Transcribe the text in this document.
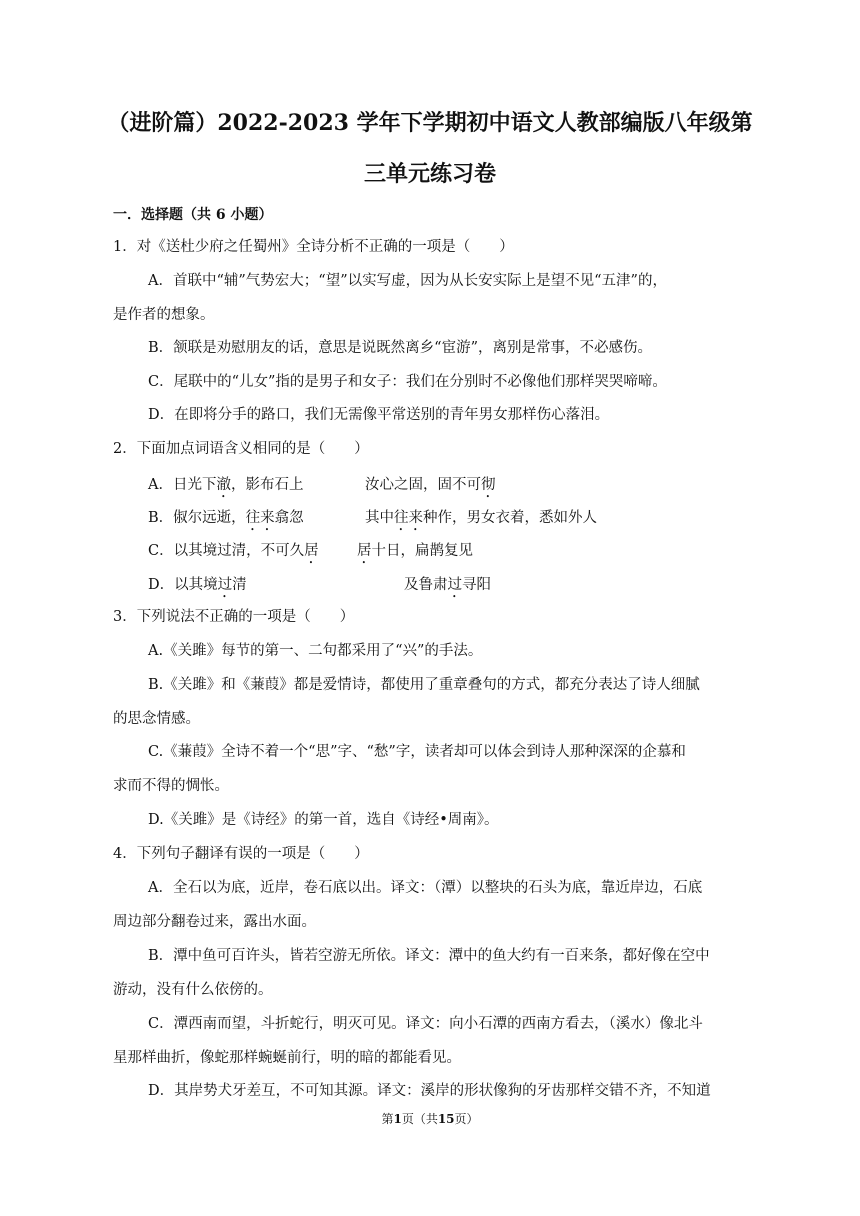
（进阶篇）2022-2023 学年下学期初中语文人教部编版八年级第
三单元练习卷
一．选择题（共 6 小题）
1．对《送杜少府之任蜀州》全诗分析不正确的一项是（　　）
A．首联中“辅”气势宏大；“望”以实写虚，因为从长安实际上是望不见“五津”的，
是作者的想象。
B．颔联是劝慰朋友的话，意思是说既然离乡“宦游”，离别是常事，不必感伤。
C．尾联中的“儿女”指的是男子和女子：我们在分别时不必像他们那样哭哭啼啼。
D．在即将分手的路口，我们无需像平常送别的青年男女那样伤心落泪。
2．下面加点词语含义相同的是（　　）
A．日光下澈，影布石上	汝心之固，固不可彻
B．俶尔远逝，往来翕忽	其中往来种作，男女衣着，悉如外人
C．以其境过清，不可久居	居十日，扁鹊复见
D．以其境过清	及鲁肃过寻阳
3．下列说法不正确的一项是（　　）
A.《关雎》每节的第一、二句都采用了“兴”的手法。
B.《关雎》和《蒹葭》都是爱情诗，都使用了重章叠句的方式，都充分表达了诗人细腻
的思念情感。
C.《蒹葭》全诗不着一个“思”字、“愁”字，读者却可以体会到诗人那种深深的企慕和
求而不得的惆怅。
D.《关雎》是《诗经》的第一首，选自《诗经•周南》。
4．下列句子翻译有误的一项是（　　）
A．全石以为底，近岸，卷石底以出。译文：（潭）以整块的石头为底，靠近岸边，石底
周边部分翻卷过来，露出水面。
B．潭中鱼可百许头，皆若空游无所依。译文：潭中的鱼大约有一百来条，都好像在空中
游动，没有什么依傍的。
C．潭西南而望，斗折蛇行，明灭可见。译文：向小石潭的西南方看去，（溪水）像北斗
星那样曲折，像蛇那样蜿蜒前行，明的暗的都能看见。
D．其岸势犬牙差互，不可知其源。译文：溪岸的形状像狗的牙齿那样交错不齐，不知道
第1页（共15页）
